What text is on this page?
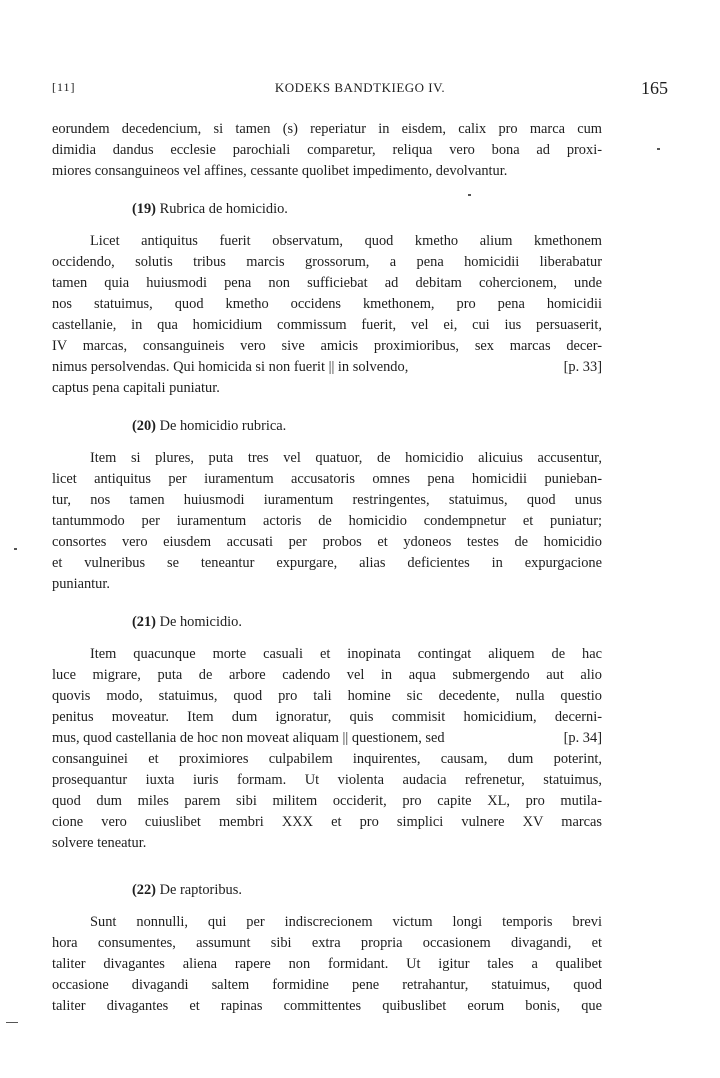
[11]	KODEKS BANDTKIEGO IV.	165
eorundem decedencium, si tamen (s) reperiatur in eisdem, calix pro marca cum
dimidia dandus ecclesie parochiali comparetur, reliqua vero bona ad proxi-
miores consanguineos vel affines, cessante quolibet impedimento, devolvantur.
(19) Rubrica de homicidio.
Licet antiquitus fuerit observatum, quod kmetho alium kmethonem
occidendo, solutis tribus marcis grossorum, a pena homicidii liberabatur
tamen quia huiusmodi pena non sufficiebat ad debitam cohercionem, unde
nos statuimus, quod kmetho occidens kmethonem, pro pena homicidii
castellanie, in qua homicidium commissum fuerit, vel ei, cui ius persuaserit,
IV marcas, consanguineis vero sive amicis proximioribus, sex marcas decer-
nimus persolvendas. Qui homicida si non fuerit || in solvendo,	[p. 33]
captus pena capitali puniatur.
(20) De homicidio rubrica.
Item si plures, puta tres vel quatuor, de homicidio alicuius accusentur,
licet antiquitus per iuramentum accusatoris omnes pena homicidii punieban-
tur, nos tamen huiusmodi iuramentum restringentes, statuimus, quod unus
tantummodo per iuramentum actoris de homicidio condempnetur et puniatur;
consortes vero eiusdem accusati per probos et ydoneos testes de homicidio
et vulneribus se teneantur expurgare, alias deficientes in expurgacione
puniantur.
(21) De homicidio.
Item quacunque morte casuali et inopinata contingat aliquem de hac
luce migrare, puta de arbore cadendo vel in aqua submergendo aut alio
quovis modo, statuimus, quod pro tali homine sic decedente, nulla questio
penitus moveatur. Item dum ignoratur, quis commisit homicidium, decerni-
mus, quod castellania de hoc non moveat aliquam || questionem, sed	[p. 34]
consanguinei et proximiores culpabilem inquirentes, causam, dum poterint,
prosequantur iuxta iuris formam. Ut violenta audacia refrenetur, statuimus,
quod dum miles parem sibi militem occiderit, pro capite XL, pro mutila-
cione vero cuiuslibet membri XXX et pro simplici vulnere XV marcas
solvere teneatur.
(22) De raptoribus.
Sunt nonnulli, qui per indiscrecionem victum longi temporis brevi
hora consumentes, assumunt sibi extra propria occasionem divagandi, et
taliter divagantes aliena rapere non formidant. Ut igitur tales a qualibet
occasione divagandi saltem formidine pene retrahantur, statuimus, quod
taliter divagantes et rapinas committentes quibuslibet eorum bonis, que
